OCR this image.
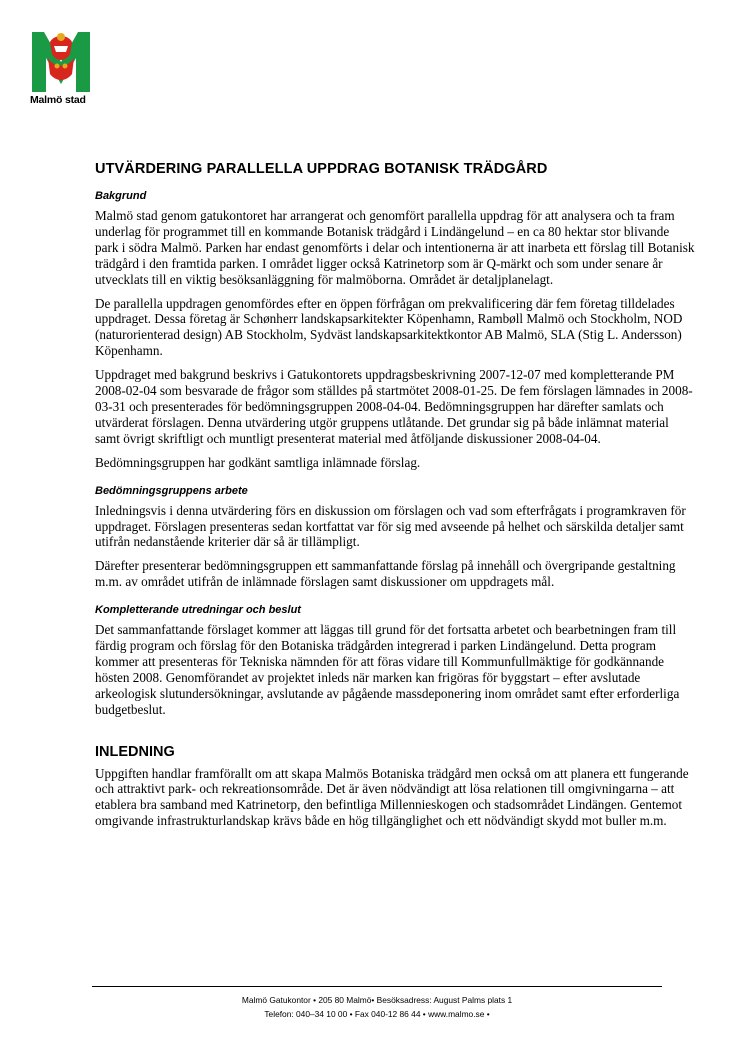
Malmö stad
UTVÄRDERING PARALLELLA UPPDRAG BOTANISK TRÄDGÅRD
Bakgrund

Malmö stad genom gatukontoret har arrangerat och genomfört parallella uppdrag för att analysera och ta fram underlag för programmet till en kommande Botanisk trädgård i Lindängelund – en ca 80 hektar stor blivande park i södra Malmö. Parken har endast genomförts i delar och intentionerna är att inarbeta ett förslag till Botanisk trädgård i den framtida parken. I området ligger också Katrinetorp som är Q-märkt och som under senare år utvecklats till en viktig besöksanläggning för malmöborna. Området är detaljplanelagt.

De parallella uppdragen genomfördes efter en öppen förfrågan om prekvalificering där fem företag tilldelades uppdraget. Dessa företag är Schønherr landskapsarkitekter Köpenhamn, Rambøll Malmö och Stockholm, NOD (naturorienterad design) AB Stockholm, Sydväst landskapsarkitektkontor AB Malmö, SLA (Stig L. Andersson) Köpenhamn.

Uppdraget med bakgrund beskrivs i Gatukontorets uppdragsbeskrivning 2007-12-07 med kompletterande PM 2008-02-04 som besvarade de frågor som ställdes på startmötet 2008-01-25. De fem förslagen lämnades in 2008-03-31 och presenterades för bedömningsgruppen 2008-04-04. Bedömningsgruppen har därefter samlats och utvärderat förslagen. Denna utvärdering utgör gruppens utlåtande. Det grundar sig på både inlämnat material samt övrigt skriftligt och muntligt presenterat material med åtföljande diskussioner 2008-04-04.

Bedömningsgruppen har godkänt samtliga inlämnade förslag.

Bedömningsgruppens arbete

Inledningsvis i denna utvärdering förs en diskussion om förslagen och vad som efterfrågats i programkraven för uppdraget. Förslagen presenteras sedan kortfattat var för sig med avseende på helhet och särskilda detaljer samt utifrån nedanstående kriterier där så är tillämpligt.

Därefter presenterar bedömningsgruppen ett sammanfattande förslag på innehåll och övergripande gestaltning m.m. av området utifrån de inlämnade förslagen samt diskussioner om uppdragets mål.

Kompletterande utredningar och beslut

Det sammanfattande förslaget kommer att läggas till grund för det fortsatta arbetet och bearbetningen fram till färdig program och förslag för den Botaniska trädgården integrerad i parken Lindängelund. Detta program kommer att presenteras för Tekniska nämnden för att föras vidare till Kommunfullmäktige för godkännande hösten 2008. Genomförandet av projektet inleds när marken kan frigöras för byggstart – efter avslutade arkeologisk slutundersökningar, avslutande av pågående massdeponering inom området samt efter erforderliga budgetbeslut.

INLEDNING

Uppgiften handlar framförallt om att skapa Malmös Botaniska trädgård men också om att planera ett fungerande och attraktivt park- och rekreationsområde. Det är även nödvändigt att lösa relationen till omgivningarna – att etablera bra samband med Katrinetorp, den befintliga Millennieskogen och stadsområdet Lindängen. Gentemot omgivande infrastrukturlandskap krävs både en hög tillgänglighet och ett nödvändigt skydd mot buller m.m.

Malmö Gatukontor • 205 80 Malmö• Besöksadress: August Palms plats 1
Telefon: 040–34 10 00 • Fax 040-12 86 44 • www.malmo.se •
